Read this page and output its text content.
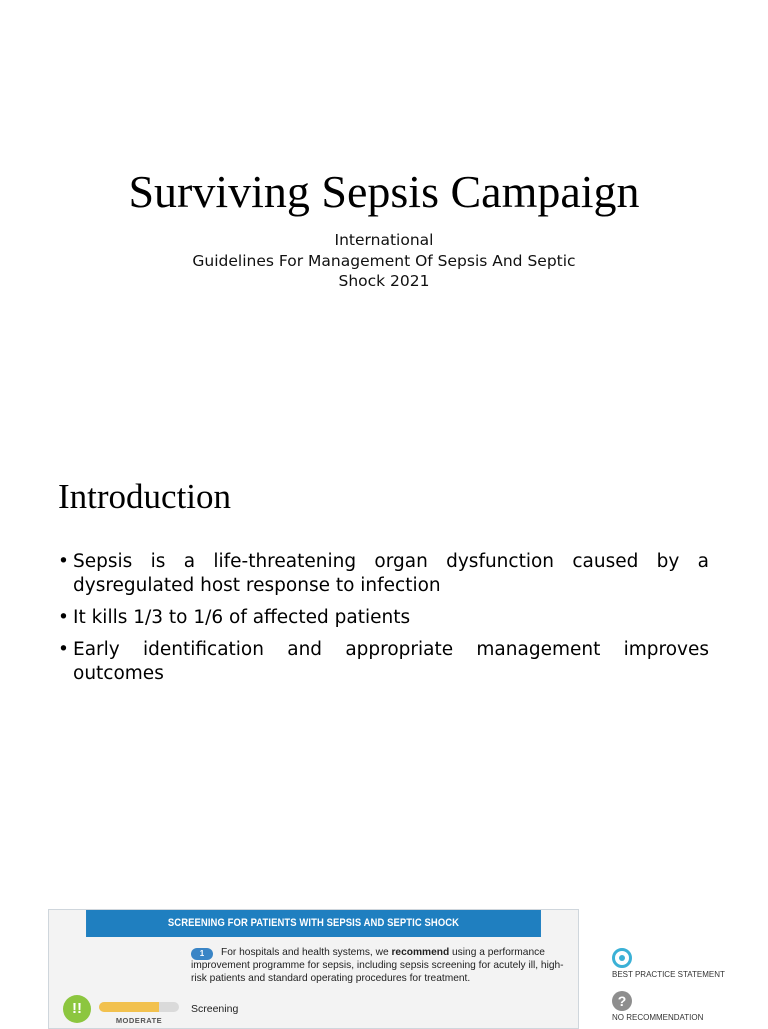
Surviving Sepsis Campaign
International
Guidelines For Management Of Sepsis And Septic
Shock 2021
Introduction
• Sepsis is a life-threatening organ dysfunction caused by a dysregulated host response to infection
• It kills 1/3 to 1/6 of affected patients
• Early identification and appropriate management improves outcomes
SCREENING FOR PATIENTS WITH SEPSIS AND SEPTIC SHOCK
1	For hospitals and health systems, we recommend using a performance improvement programme for sepsis, including sepsis screening for acutely ill, high-risk patients and standard operating procedures for treatment.
!!
MODERATE
Screening
BEST PRACTICE STATEMENT
?
NO RECOMMENDATION
